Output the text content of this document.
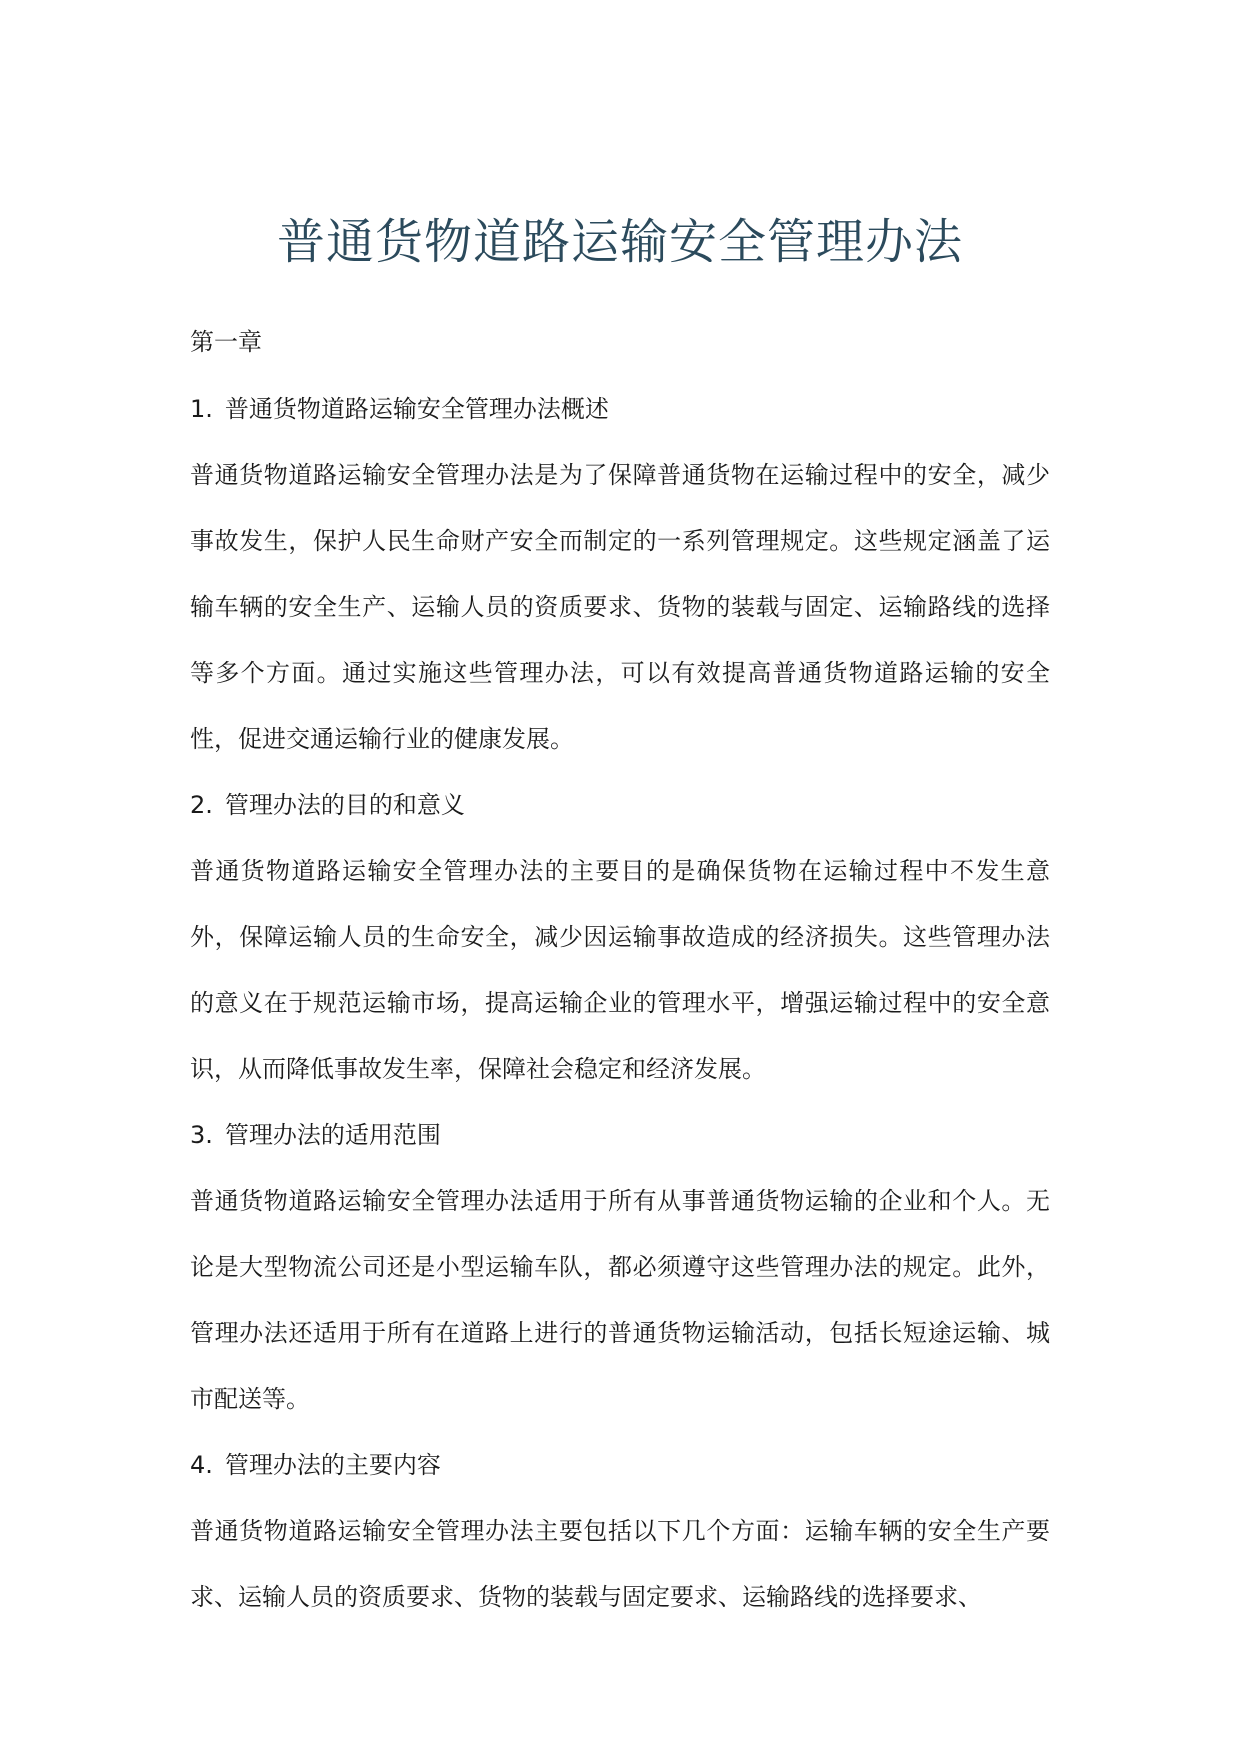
普通货物道路运输安全管理办法
第一章
1. 普通货物道路运输安全管理办法概述

普通货物道路运输安全管理办法是为了保障普通货物在运输过程中的安全，减少事故发生，保护人民生命财产安全而制定的一系列管理规定。这些规定涵盖了运输车辆的安全生产、运输人员的资质要求、货物的装载与固定、运输路线的选择等多个方面。通过实施这些管理办法，可以有效提高普通货物道路运输的安全性，促进交通运输行业的健康发展。

2. 管理办法的目的和意义

普通货物道路运输安全管理办法的主要目的是确保货物在运输过程中不发生意外，保障运输人员的生命安全，减少因运输事故造成的经济损失。这些管理办法的意义在于规范运输市场，提高运输企业的管理水平，增强运输过程中的安全意识，从而降低事故发生率，保障社会稳定和经济发展。

3. 管理办法的适用范围

普通货物道路运输安全管理办法适用于所有从事普通货物运输的企业和个人。无论是大型物流公司还是小型运输车队，都必须遵守这些管理办法的规定。此外，管理办法还适用于所有在道路上进行的普通货物运输活动，包括长短途运输、城市配送等。

4. 管理办法的主要内容

普通货物道路运输安全管理办法主要包括以下几个方面：运输车辆的安全生产要求、运输人员的资质要求、货物的装载与固定要求、运输路线的选择要求、
